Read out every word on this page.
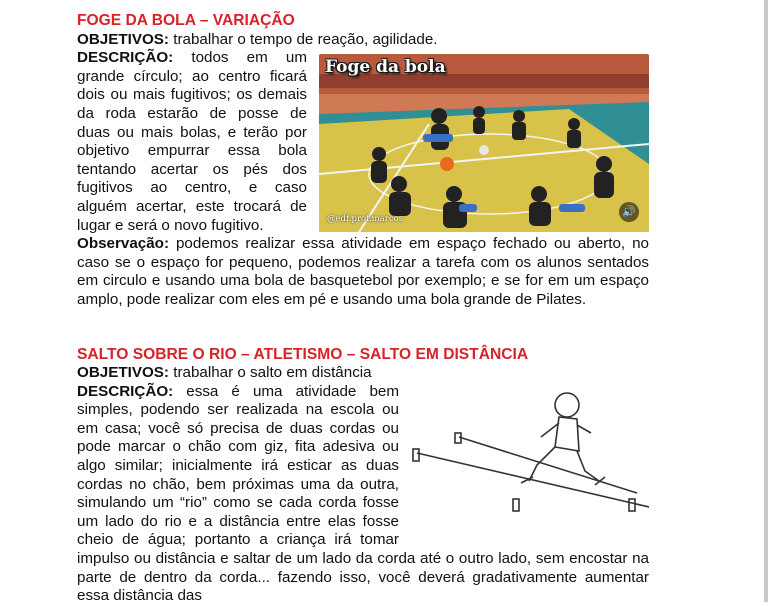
FOGE DA BOLA – VARIAÇÃO

OBJETIVOS: trabalhar o tempo de reação, agilidade.

Foge da bola
@edf.prof.marcos
🔊
DESCRIÇÃO: todos em um grande círculo; ao centro ficará dois ou mais fugitivos; os demais da roda estarão de posse de duas ou mais bolas, e terão por objetivo empurrar essa bola tentando acertar os pés dos fugitivos ao centro, e caso alguém acertar, este trocará de lugar e será o novo fugitivo.
Observação: podemos realizar essa atividade em espaço fechado ou aberto, no caso se o espaço for pequeno, podemos realizar a tarefa com os alunos sentados em circulo e usando uma bola de basquetebol por exemplo; e se for em um espaço amplo, pode realizar com eles em pé e usando uma bola grande de Pilates.

SALTO SOBRE O RIO – ATLETISMO – SALTO EM DISTÂNCIA

OBJETIVOS: trabalhar o salto em distância

DESCRIÇÃO:
essa é uma atividade bem simples, podendo ser realizada na escola ou em casa; você só precisa de duas cordas ou pode marcar o chão com giz, fita adesiva ou algo similar; inicialmente irá esticar as duas cordas no chão, bem próximas uma da outra, simulando um “rio” como se cada corda fosse um lado do rio e a distância entre elas fosse cheio de água; portanto a criança irá tomar impulso ou distância e saltar de um lado da corda até o outro lado, sem encostar na parte de dentro da corda... fazendo isso, você deverá gradativamente aumentar essa distância das
